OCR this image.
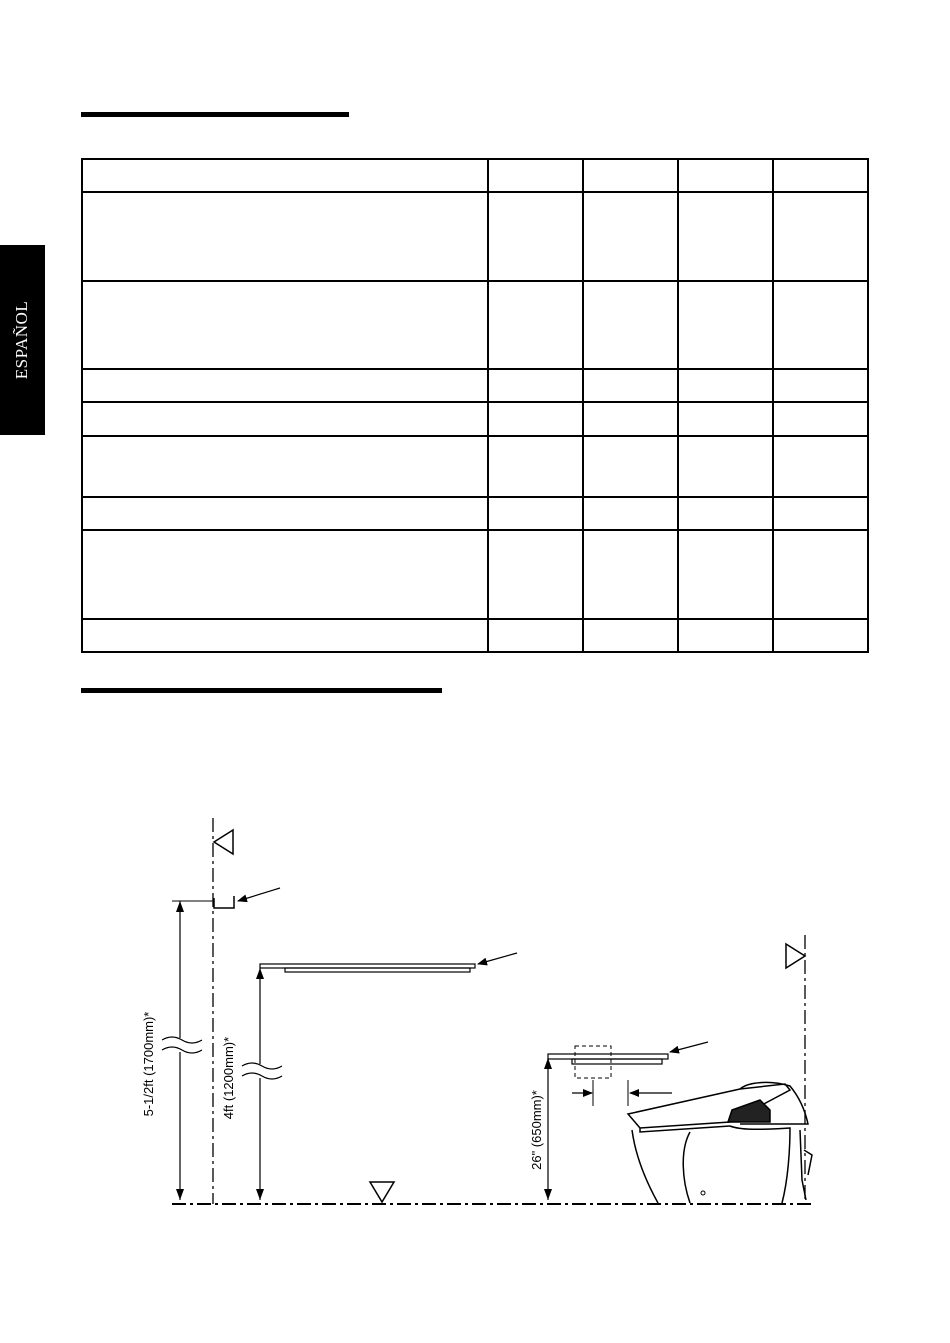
ESPAÑOL

5-1/2ft (1700mm)*	4ft (1200mm)*
26" (650mm)*
